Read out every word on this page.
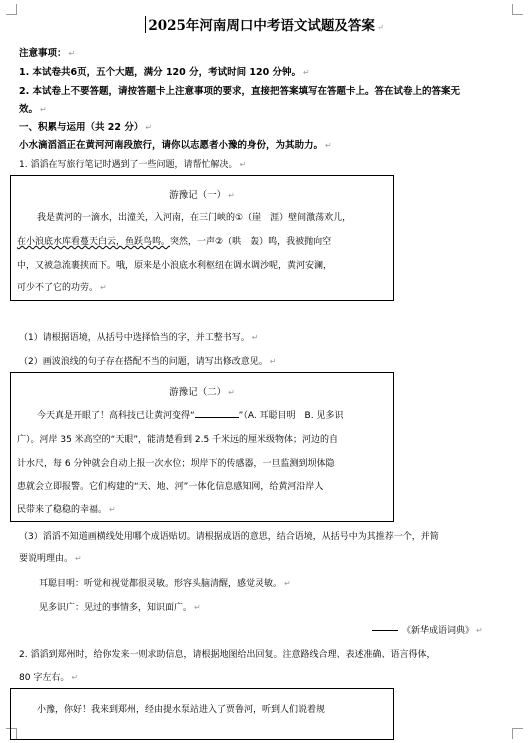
2025年河南周口中考语文试题及答案 ↵
注意事项： ↵
1. 本试卷共6页，五个大题，满分 120 分，考试时间 120 分钟。 ↵
2. 本试卷上不要答题，请按答题卡上注意事项的要求，直接把答案填写在答题卡上。答在试卷上的答案无
效。 ↵
一、积累与运用（共 22 分） ↵
小水滴滔滔正在黄河河南段旅行，请你以志愿者小豫的身份，为其助力。 ↵
1. 滔滔在写旅行笔记时遇到了一些问题，请帮忙解决。 ↵
游豫记（一） ↵
我是黄河的一滴水，出潼关，入河南，在三门峡的①（崖　涯）壁间激荡欢儿，
在小浪底水库看蔓天白云，鱼跃鸟鸣。突然，一声②（哄　轰）鸣，我被抛向空
中，又被急流裹挟而下。哦，原来是小浪底水利枢纽在调水调沙呢，黄河安澜，
可少不了它的功劳。 ↵
（1）请根据语境，从括号中选择恰当的字，并工整书写。 ↵
（2）画波浪线的句子存在搭配不当的问题，请写出修改意见。 ↵
游豫记（二） ↵
今天真是开眼了！高科技已让黄河变得“	”（A. 耳聪目明　B. 见多识
广）。河岸 35 米高空的“天眼”，能清楚看到 2.5 千米远的厘米级物体；河边的自
计水尺，每 6 分钟就会自动上报一次水位；坝岸下的传感器，一旦监测到坝体隐
患就会立即报警。它们构建的“天、地、河”一体化信息感知网，给黄河沿岸人
民带来了稳稳的幸福。 ↵
（3）滔滔不知道画横线处用哪个成语贴切。请根据成语的意思，结合语境，从括号中为其推荐一个，并简
要说明理由。 ↵
耳聪目明：听觉和视觉都很灵敏。形容头脑清醒，感觉灵敏。 ↵
见多识广：见过的事情多，知识面广。 ↵
《新华成语词典》 ↵
2. 滔滔到郑州时，给你发来一则求助信息，请根据地图给出回复。注意路线合理、表述准确、语言得体，
80 字左右。 ↵
小豫，你好！我来到郑州，经由提水泵站进入了贾鲁河，听到人们说着规
